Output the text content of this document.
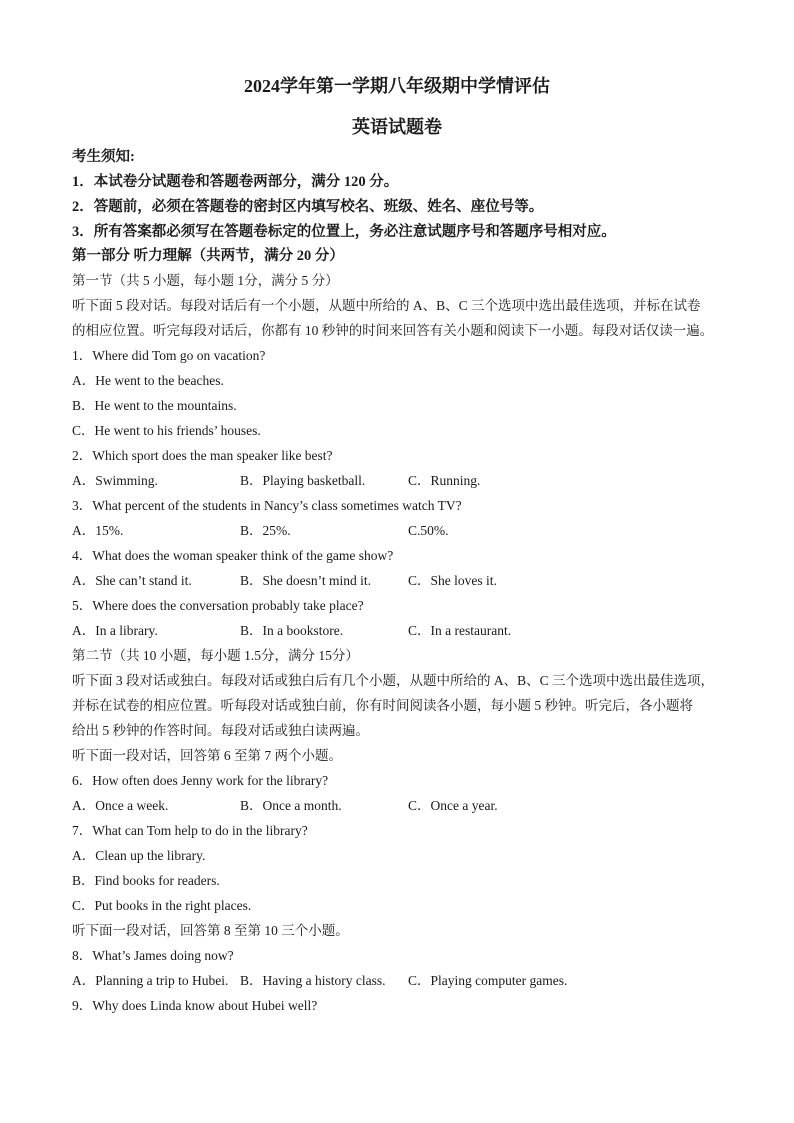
2024学年第一学期八年级期中学情评估
英语试题卷
考生须知:
1．本试卷分试题卷和答题卷两部分，满分 120 分。
2．答题前，必须在答题卷的密封区内填写校名、班级、姓名、座位号等。
3．所有答案都必须写在答题卷标定的位置上，务必注意试题序号和答题序号相对应。
第一部分 听力理解（共两节，满分 20 分）
第一节（共 5 小题，每小题 1分，满分 5 分）
听下面 5 段对话。每段对话后有一个小题，从题中所给的 A、B、C 三个选项中选出最佳选项，并标在试卷
的相应位置。听完每段对话后，你都有 10 秒钟的时间来回答有关小题和阅读下一小题。每段对话仅读一遍。
1．Where did Tom go on vacation?
A．He went to the beaches.
B．He went to the mountains.
C．He went to his friends’ houses.
2．Which sport does the man speaker like best?
A．Swimming.	B．Playing basketball.	C．Running.
3．What percent of the students in Nancy’s class sometimes watch TV?
A．15%.	B．25%.	C.50%.
4．What does the woman speaker think of the game show?
A．She can’t stand it.	B．She doesn’t mind it.	C．She loves it.
5．Where does the conversation probably take place?
A．In a library.	B．In a bookstore.	C．In a restaurant.
第二节（共 10 小题，每小题 1.5分，满分 15分）
听下面 3 段对话或独白。每段对话或独白后有几个小题，从题中所给的 A、B、C 三个选项中选出最佳选项，
并标在试卷的相应位置。听每段对话或独白前，你有时间阅读各小题，每小题 5 秒钟。听完后，各小题将
给出 5 秒钟的作答时间。每段对话或独白读两遍。
听下面一段对话，回答第 6 至第 7 两个小题。
6．How often does Jenny work for the library?
A．Once a week.	B．Once a month.	C．Once a year.
7．What can Tom help to do in the library?
A．Clean up the library.
B．Find books for readers.
C．Put books in the right places.
听下面一段对话，回答第 8 至第 10 三个小题。
8．What’s James doing now?
A．Planning a trip to Hubei. B．Having a history class. C．Playing computer games.
9．Why does Linda know about Hubei well?
